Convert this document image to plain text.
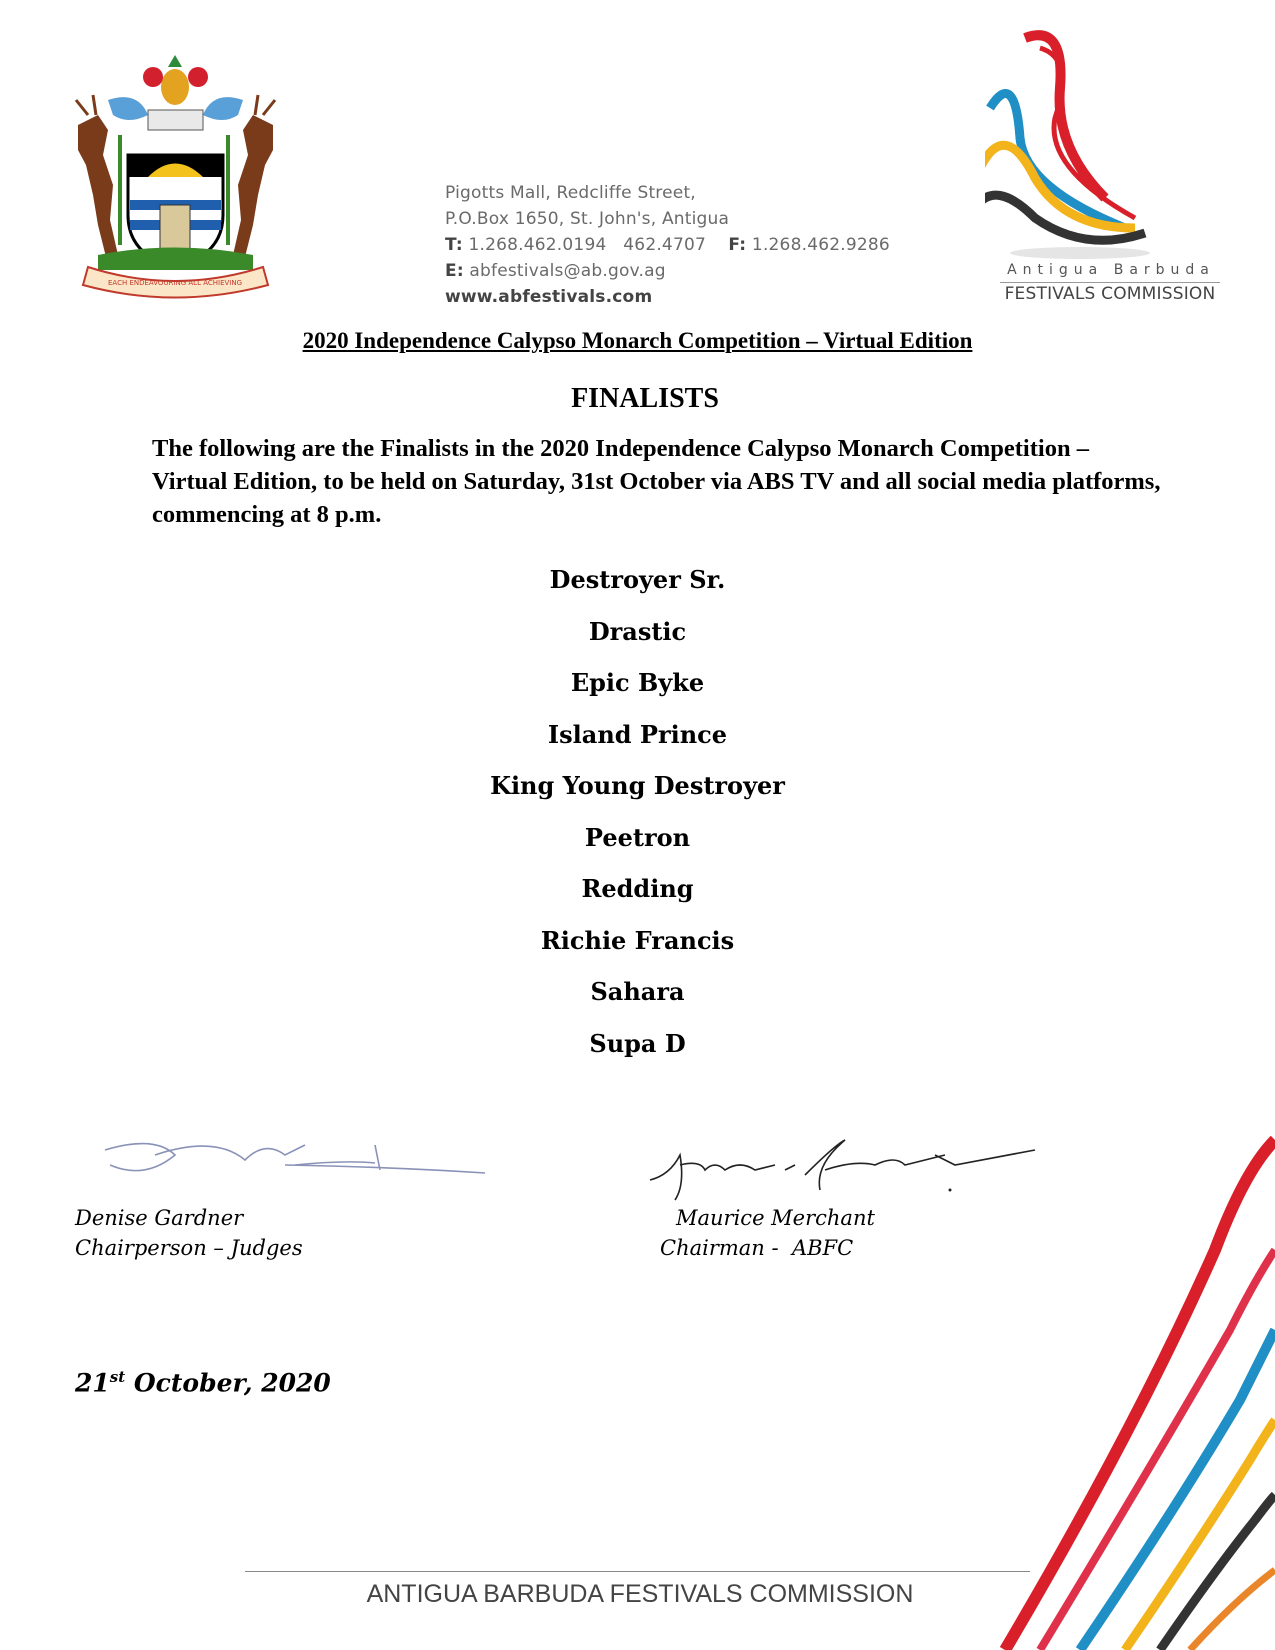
EACH ENDEAVOURING ALL ACHIEVING
Pigotts Mall, Redcliffe Street,
P.O.Box 1650, St. John's, Antigua
T: 1.268.462.0194   462.4707 F: 1.268.462.9286
E: abfestivals@ab.gov.ag
www.abfestivals.com
Antigua Barbuda
FESTIVALS COMMISSION
2020 Independence Calypso Monarch Competition – Virtual Edition
FINALISTS
The following are the Finalists in the 2020 Independence Calypso Monarch Competition – Virtual Edition, to be held on Saturday, 31st October via ABS TV and all social media platforms, commencing at 8 p.m.
Destroyer Sr.
Drastic
Epic Byke
Island Prince
King Young Destroyer
Peetron
Redding
Richie Francis
Sahara
Supa D
Denise Gardner
Chairperson – Judges
Maurice Merchant
Chairman -  ABFC
21st October, 2020
ANTIGUA BARBUDA FESTIVALS COMMISSION
